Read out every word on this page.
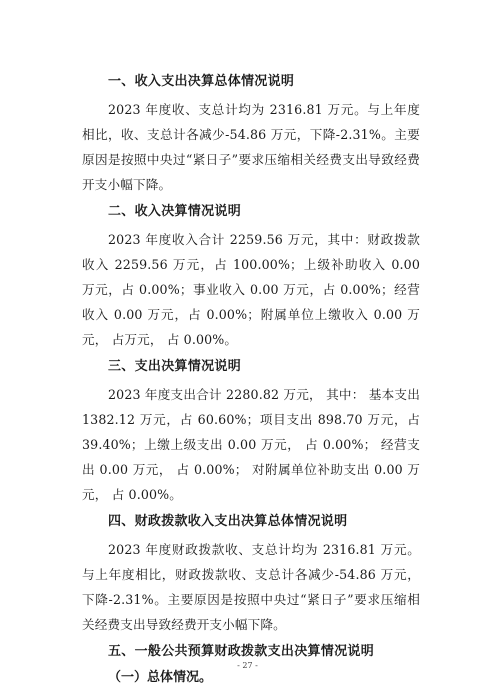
一、收入支出决算总体情况说明

2023 年度收、支总计均为 2316.81 万元。与上年度相比，收、支总计各减少-54.86 万元，下降-2.31%。主要原因是按照中央过“紧日子”要求压缩相关经费支出导致经费开支小幅下降。

二、收入决算情况说明

2023 年度收入合计 2259.56 万元，其中：财政拨款收入 2259.56 万元，占 100.00%；上级补助收入 0.00 万元，占 0.00%；事业收入 0.00 万元，占 0.00%；经营收入 0.00 万元，占 0.00%；附属单位上缴收入 0.00 万元， 占万元， 占 0.00%。

三、支出决算情况说明

2023 年度支出合计 2280.82 万元， 其中： 基本支出 1382.12 万元，占 60.60%；项目支出 898.70 万元，占 39.40%；上缴上级支出 0.00 万元， 占 0.00%； 经营支出 0.00 万元， 占 0.00%； 对附属单位补助支出 0.00 万元， 占 0.00%。

四、财政拨款收入支出决算总体情况说明

2023 年度财政拨款收、支总计均为 2316.81 万元。与上年度相比，财政拨款收、支总计各减少-54.86 万元， 下降-2.31%。主要原因是按照中央过“紧日子”要求压缩相关经费支出导致经费开支小幅下降。

五、一般公共预算财政拨款支出决算情况说明
（一）总体情况。
- 27 -
